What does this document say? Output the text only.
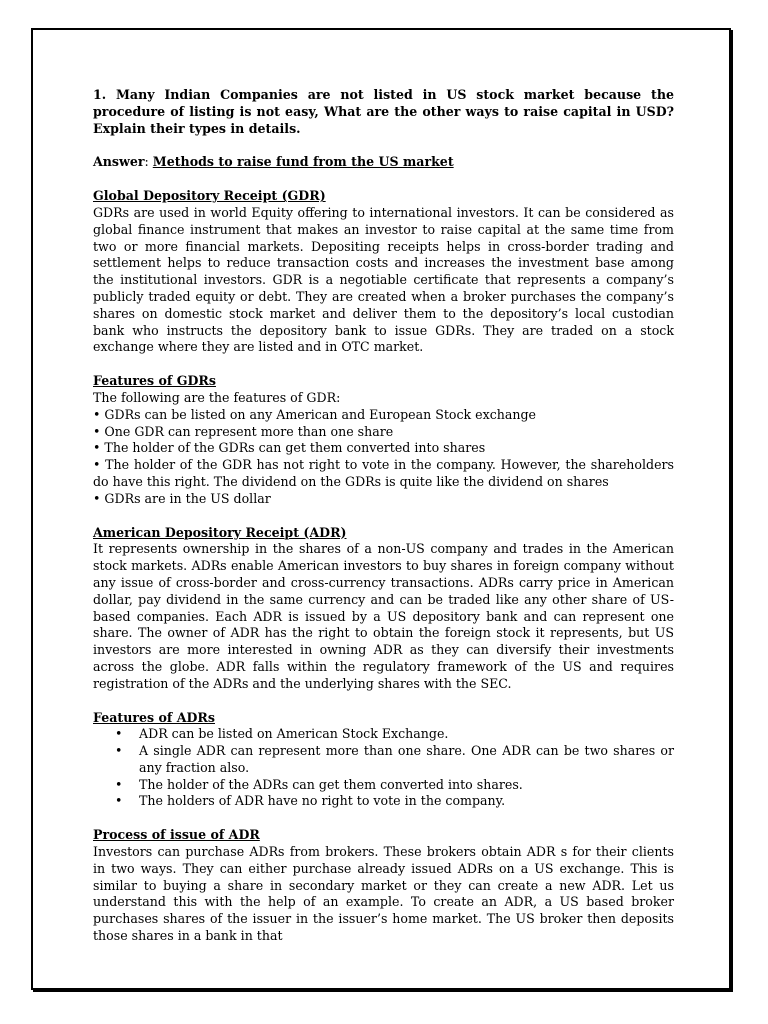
1. Many Indian Companies are not listed in US stock market because the procedure of listing is not easy, What are the other ways to raise capital in USD? Explain their types in details.

Answer: Methods to raise fund from the US market

Global Depository Receipt (GDR)

GDRs are used in world Equity offering to international investors. It can be considered as global finance instrument that makes an investor to raise capital at the same time from two or more financial markets. Depositing receipts helps in cross-border trading and settlement helps to reduce transaction costs and increases the investment base among the institutional investors. GDR is a negotiable certificate that represents a company’s publicly traded equity or debt. They are created when a broker purchases the company’s shares on domestic stock market and deliver them to the depository’s local custodian bank who instructs the depository bank to issue GDRs. They are traded on a stock exchange where they are listed and in OTC market.

Features of GDRs

The following are the features of GDR:

• GDRs can be listed on any American and European Stock exchange

• One GDR can represent more than one share

• The holder of the GDRs can get them converted into shares

• The holder of the GDR has not right to vote in the company. However, the shareholders do have this right. The dividend on the GDRs is quite like the dividend on shares

• GDRs are in the US dollar

American Depository Receipt (ADR)

It represents ownership in the shares of a non-US company and trades in the American stock markets. ADRs enable American investors to buy shares in foreign company without any issue of cross-border and cross-currency transactions. ADRs carry price in American dollar, pay dividend in the same currency and can be traded like any other share of US-based companies. Each ADR is issued by a US depository bank and can represent one share. The owner of ADR has the right to obtain the foreign stock it represents, but US investors are more interested in owning ADR as they can diversify their investments across the globe. ADR falls within the regulatory framework of the US and requires registration of the ADRs and the underlying shares with the SEC.

Features of ADRs

• ADR can be listed on American Stock Exchange.
• A single ADR can represent more than one share. One ADR can be two shares or any fraction also.
• The holder of the ADRs can get them converted into shares.
• The holders of ADR have no right to vote in the company.

Process of issue of ADR

Investors can purchase ADRs from brokers. These brokers obtain ADR s for their clients in two ways. They can either purchase already issued ADRs on a US exchange. This is similar to buying a share in secondary market or they can create a new ADR. Let us understand this with the help of an example. To create an ADR, a US based broker purchases shares of the issuer in the issuer’s home market. The US broker then deposits those shares in a bank in that
